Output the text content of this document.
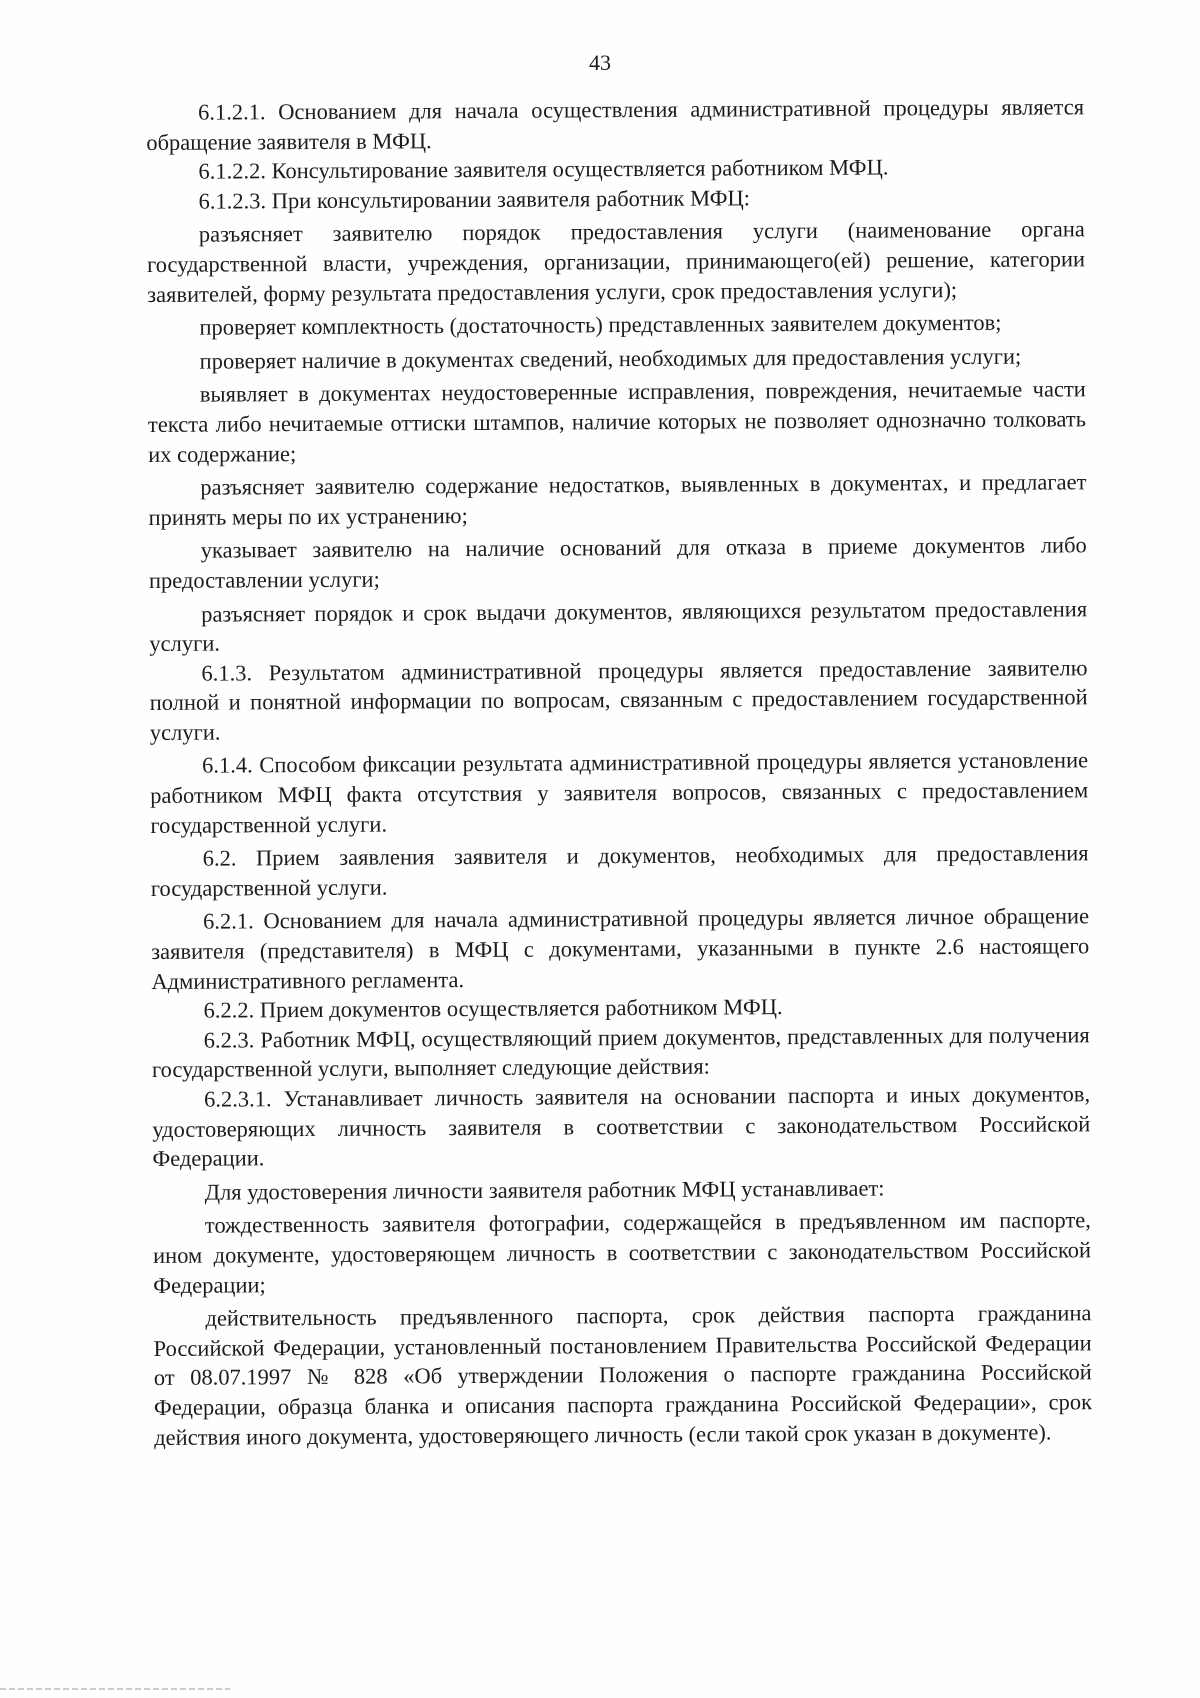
43

6.1.2.1. Основанием для начала осуществления административной процедуры является обращение заявителя в МФЦ.

6.1.2.2. Консультирование заявителя осуществляется работником МФЦ.

6.1.2.3. При консультировании заявителя работник МФЦ:

разъясняет заявителю порядок предоставления услуги (наименование органа государственной власти, учреждения, организации, принимающего(ей) решение, категории заявителей, форму результата предоставления услуги, срок предоставления услуги);

проверяет комплектность (достаточность) представленных заявителем документов;

проверяет наличие в документах сведений, необходимых для предоставления услуги;

выявляет в документах неудостоверенные исправления, повреждения, нечитаемые части текста либо нечитаемые оттиски штампов, наличие которых не позволяет однозначно толковать их содержание;

разъясняет заявителю содержание недостатков, выявленных в документах, и предлагает принять меры по их устранению;

указывает заявителю на наличие оснований для отказа в приеме документов либо предоставлении услуги;

разъясняет порядок и срок выдачи документов, являющихся результатом предоставления услуги.

6.1.3. Результатом административной процедуры является предоставление заявителю полной и понятной информации по вопросам, связанным с предоставлением государственной услуги.

6.1.4. Способом фиксации результата административной процедуры является установление работником МФЦ факта отсутствия у заявителя вопросов, связанных с предоставлением государственной услуги.

6.2. Прием заявления заявителя и документов, необходимых для предоставления государственной услуги.

6.2.1. Основанием для начала административной процедуры является личное обращение заявителя (представителя) в МФЦ с документами, указанными в пункте 2.6 настоящего Административного регламента.

6.2.2. Прием документов осуществляется работником МФЦ.

6.2.3. Работник МФЦ, осуществляющий прием документов, представленных для получения государственной услуги, выполняет следующие действия:

6.2.3.1. Устанавливает личность заявителя на основании паспорта и иных документов, удостоверяющих личность заявителя в соответствии с законодательством Российской Федерации.

Для удостоверения личности заявителя работник МФЦ устанавливает:

тождественность заявителя фотографии, содержащейся в предъявленном им паспорте, ином документе, удостоверяющем личность в соответствии с законодательством Российской Федерации;

действительность предъявленного паспорта, срок действия паспорта гражданина Российской Федерации, установленный постановлением Правительства Российской Федерации от 08.07.1997 № 828 «Об утверждении Положения о паспорте гражданина Российской Федерации, образца бланка и описания паспорта гражданина Российской Федерации», срок действия иного документа, удостоверяющего личность (если такой срок указан в документе).
